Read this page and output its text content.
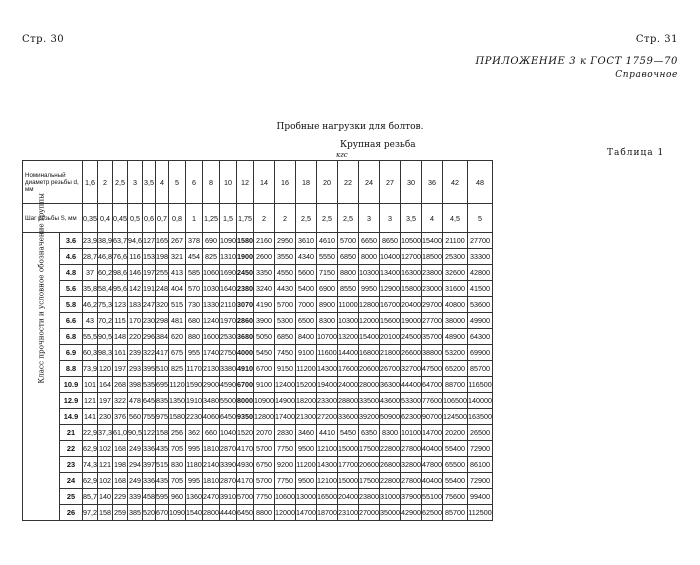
Стр. 30	Стр. 31
ПРИЛОЖЕНИЕ 3 к ГОСТ 1759—70
Справочное
Пробные нагрузки для болтов.
Крупная резьба
кгс	Таблица 1
Номинальный диаметр резьбы d, мм		1,6	2	2,5	3	3,5	4	5	6	8	10	12	14	16	18	20	22	24	27	30	36	42	48
Шаг резьбы S, мм		0,35	0,4	0,45	0,5	0,6	0,7	0,8	1	1,25	1,5	1,75	2	2	2,5	2,5	2,5	3	3	3,5	4	4,5	5

Класс прочности и условное обозначение группы	3.6	23,9	38,9	63,7	94,6	127	165	267	378	690	1090	1580	2160	2950	3610	4610	5700	6650	8650	10500	15400	21100	27700
	4.6	28,7	46,8	76,6	116	153	198	321	454	825	1310	1900	2600	3550	4340	5550	6850	8000	10400	12700	18500	25300	33300
	4.8	37	60,2	98,6	146	197	255	413	585	1060	1690	2450	3350	4550	5600	7150	8800	10300	13400	16300	23800	32600	42800
	5.6	35,8	58,4	95,6	142	191	248	404	570	1030	1640	2380	3240	4430	5400	6900	8550	9950	12900	15800	23000	31600	41500
	5.8	46,2	75,3	123	183	247	320	515	730	1330	2110	3070	4190	5700	7000	8900	11000	12800	16700	20400	29700	40800	53600
	6.6	43	70,2	115	170	230	298	481	680	1240	1970	2860	3900	5300	6500	8300	10300	12000	15600	19000	27700	38000	49900
	6.8	55,5	90,5	148	220	296	384	620	880	1600	2530	3680	5050	6850	8400	10700	13200	15400	20100	24500	35700	48900	64300
	6.9	60,3	98,3	161	239	322	417	675	955	1740	2750	4000	5450	7450	9100	11600	14400	16800	21800	26600	38800	53200	69900
	8.8	73,9	120	197	293	395	510	825	1170	2130	3380	4910	6700	9150	11200	14300	17600	20600	26700	32700	47500	65200	85700
	10.9	101	164	268	398	535	695	1120	1590	2900	4590	6700	9100	12400	15200	19400	24000	28000	36300	44400	64700	88700	116500
	12.9	121	197	322	478	645	835	1350	1910	3480	5500	8000	10900	14900	18200	23300	28800	33500	43600	53300	77600	106500	140000
	14.9	141	230	376	560	755	975	1580	2230	4060	6450	9350	12800	17400	21300	27200	33600	39200	50900	62300	90700	124500	163500
	21	22,9	37,3	61,0	90,5	122	158	256	362	660	1040	1520	2070	2830	3460	4410	5450	6350	8300	10100	14700	20200	26500
	22	62,9	102	168	249	336	435	705	995	1810	2870	4170	5700	7750	9500	12100	15000	17500	22800	27800	40400	55400	72900
	23	74,3	121	198	294	397	515	830	1180	2140	3390	4930	6750	9200	11200	14300	17700	20600	26800	32800	47800	65500	86100
	24	62,9	102	168	249	336	435	705	995	1810	2870	4170	5700	7750	9500	12100	15000	17500	22800	27800	40400	55400	72900
	25	85,7	140	229	339	458	595	960	1360	2470	3910	5700	7750	10600	13000	16500	20400	23800	31000	37900	55100	75600	99400
	26	97,2	158	259	385	520	670	1090	1540	2800	4440	6450	8800	12000	14700	18700	23100	27000	35000	42900	62500	85700	112500
